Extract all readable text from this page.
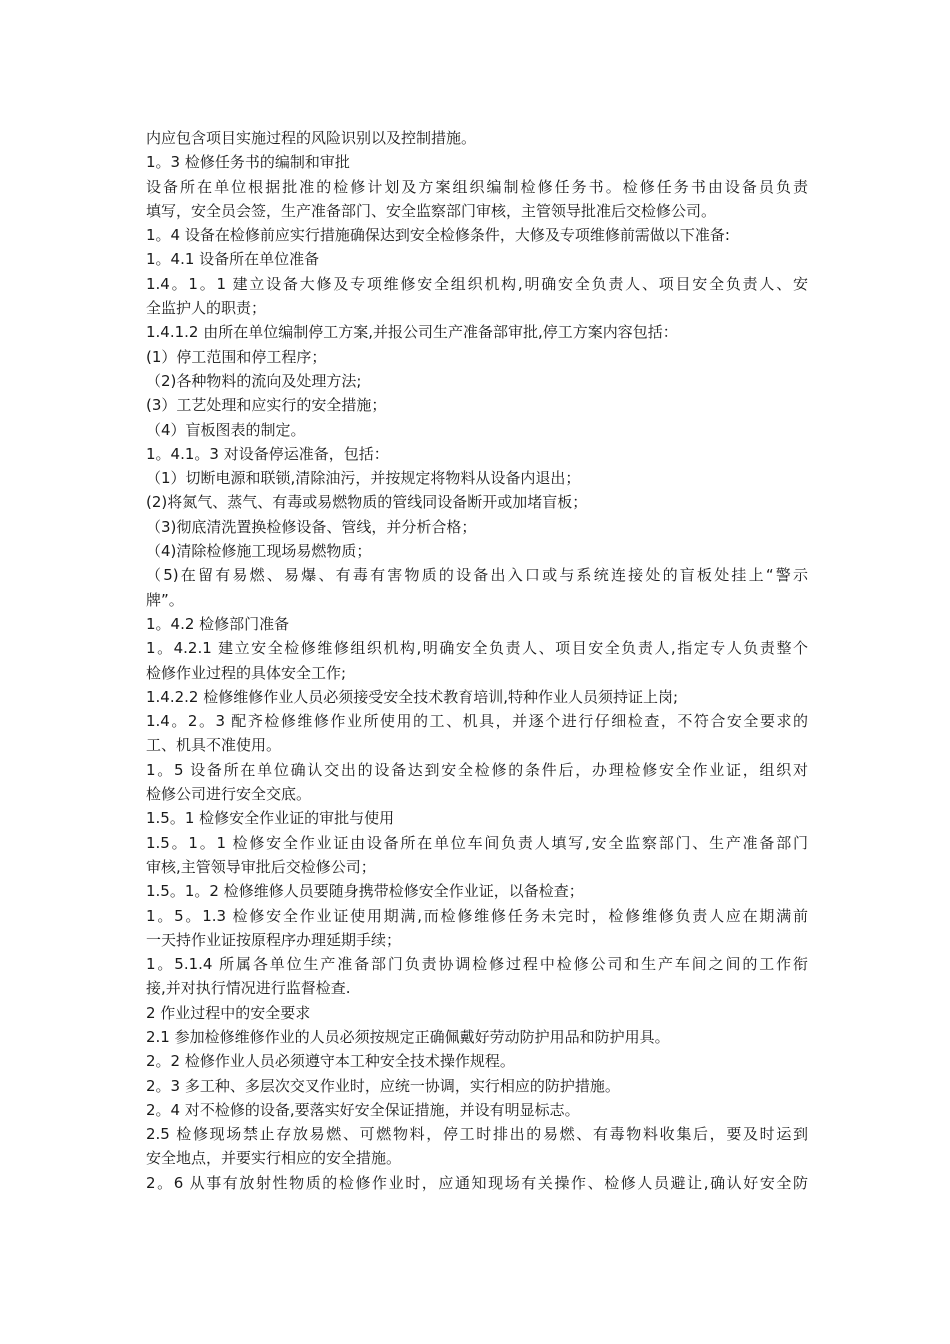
内应包含项目实施过程的风险识别以及控制措施。
1。3 检修任务书的编制和审批
设备所在单位根据批准的检修计划及方案组织编制检修任务书。检修任务书由设备员负责
填写，安全员会签，生产准备部门、安全监察部门审核，主管领导批准后交检修公司。
1。4 设备在检修前应实行措施确保达到安全检修条件，大修及专项维修前需做以下准备:
1。4.1 设备所在单位准备
1.4。1。1 建立设备大修及专项维修安全组织机构,明确安全负责人、项目安全负责人、安
全监护人的职责；
1.4.1.2 由所在单位编制停工方案,并报公司生产准备部审批,停工方案内容包括：
(1）停工范围和停工程序；
（2)各种物料的流向及处理方法;
(3）工艺处理和应实行的安全措施；
（4）盲板图表的制定。
1。4.1。3 对设备停运准备，包括：
（1）切断电源和联锁,清除油污，并按规定将物料从设备内退出；
(2)将氮气、蒸气、有毒或易燃物质的管线同设备断开或加堵盲板；
（3)彻底清洗置换检修设备、管线，并分析合格；
（4)清除检修施工现场易燃物质；
（5)在留有易燃、易爆、有毒有害物质的设备出入口或与系统连接处的盲板处挂上“警示
牌”。
1。4.2 检修部门准备
1。4.2.1 建立安全检修维修组织机构,明确安全负责人、项目安全负责人,指定专人负责整个
检修作业过程的具体安全工作;
1.4.2.2 检修维修作业人员必须接受安全技术教育培训,特种作业人员须持证上岗;
1.4。2。3 配齐检修维修作业所使用的工、机具，并逐个进行仔细检查，不符合安全要求的
工、机具不准使用。
1。5 设备所在单位确认交出的设备达到安全检修的条件后，办理检修安全作业证，组织对
检修公司进行安全交底。
1.5。1 检修安全作业证的审批与使用
1.5。1。1 检修安全作业证由设备所在单位车间负责人填写,安全监察部门、生产准备部门
审核,主管领导审批后交检修公司；
1.5。1。2 检修维修人员要随身携带检修安全作业证，以备检查；
1。5。1.3 检修安全作业证使用期满,而检修维修任务未完时，检修维修负责人应在期满前
一天持作业证按原程序办理延期手续；
1。5.1.4 所属各单位生产准备部门负责协调检修过程中检修公司和生产车间之间的工作衔
接,并对执行情况进行监督检查.
2 作业过程中的安全要求
2.1 参加检修维修作业的人员必须按规定正确佩戴好劳动防护用品和防护用具。
2。2 检修作业人员必须遵守本工种安全技术操作规程。
2。3 多工种、多层次交叉作业时，应统一协调，实行相应的防护措施。
2。4 对不检修的设备,要落实好安全保证措施，并设有明显标志。
2.5 检修现场禁止存放易燃、可燃物料，停工时排出的易燃、有毒物料收集后，要及时运到
安全地点，并要实行相应的安全措施。
2。6 从事有放射性物质的检修作业时，应通知现场有关操作、检修人员避让,确认好安全防
